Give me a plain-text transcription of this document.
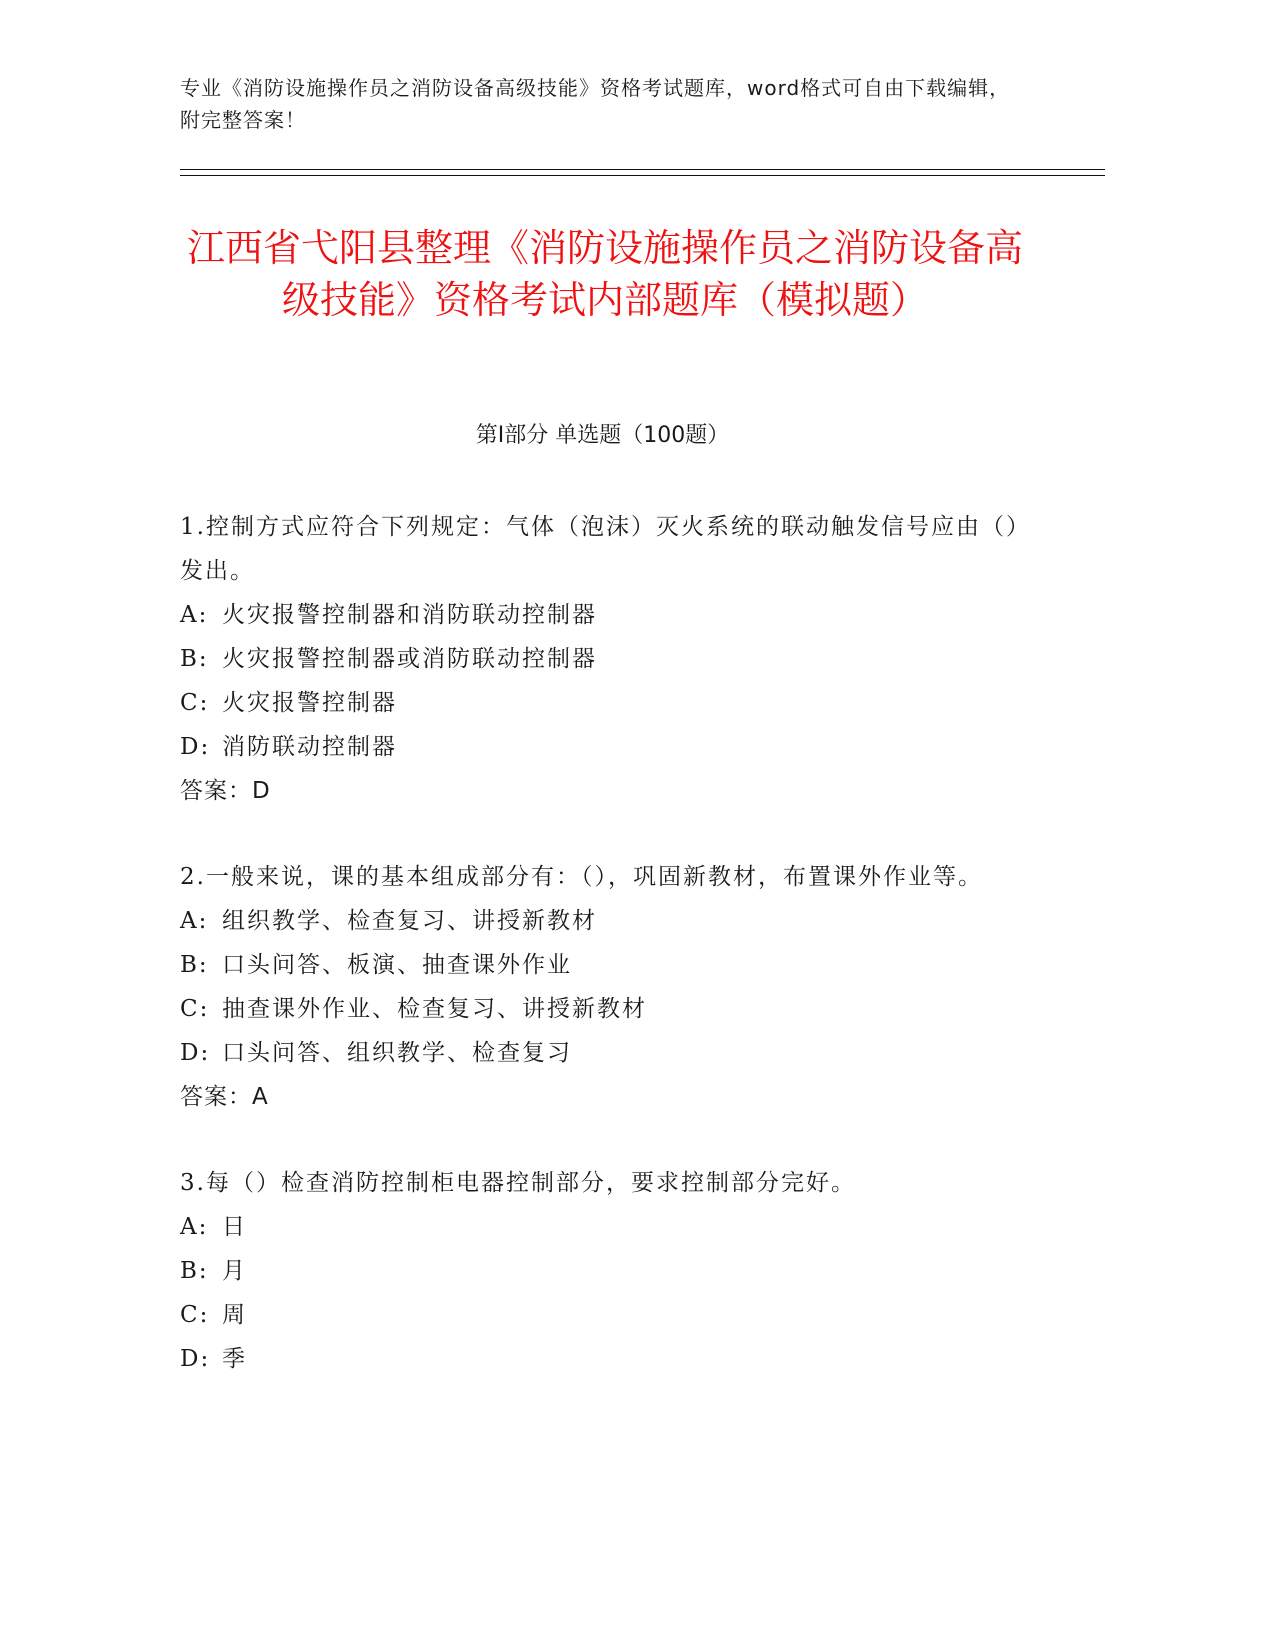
专业《消防设施操作员之消防设备高级技能》资格考试题库，word格式可自由下载编辑，附完整答案！
江西省弋阳县整理《消防设施操作员之消防设备高级技能》资格考试内部题库（模拟题）
第Ⅰ部分 单选题（100题）
1.控制方式应符合下列规定：气体（泡沫）灭火系统的联动触发信号应由（）发出。
A: 火灾报警控制器和消防联动控制器
B: 火灾报警控制器或消防联动控制器
C: 火灾报警控制器
D: 消防联动控制器
答案：D
2.一般来说，课的基本组成部分有：（），巩固新教材，布置课外作业等。
A: 组织教学、检查复习、讲授新教材
B: 口头问答、板演、抽查课外作业
C: 抽查课外作业、检查复习、讲授新教材
D: 口头问答、组织教学、检查复习
答案：A
3.每（）检查消防控制柜电器控制部分，要求控制部分完好。
A: 日
B: 月
C: 周
D: 季
